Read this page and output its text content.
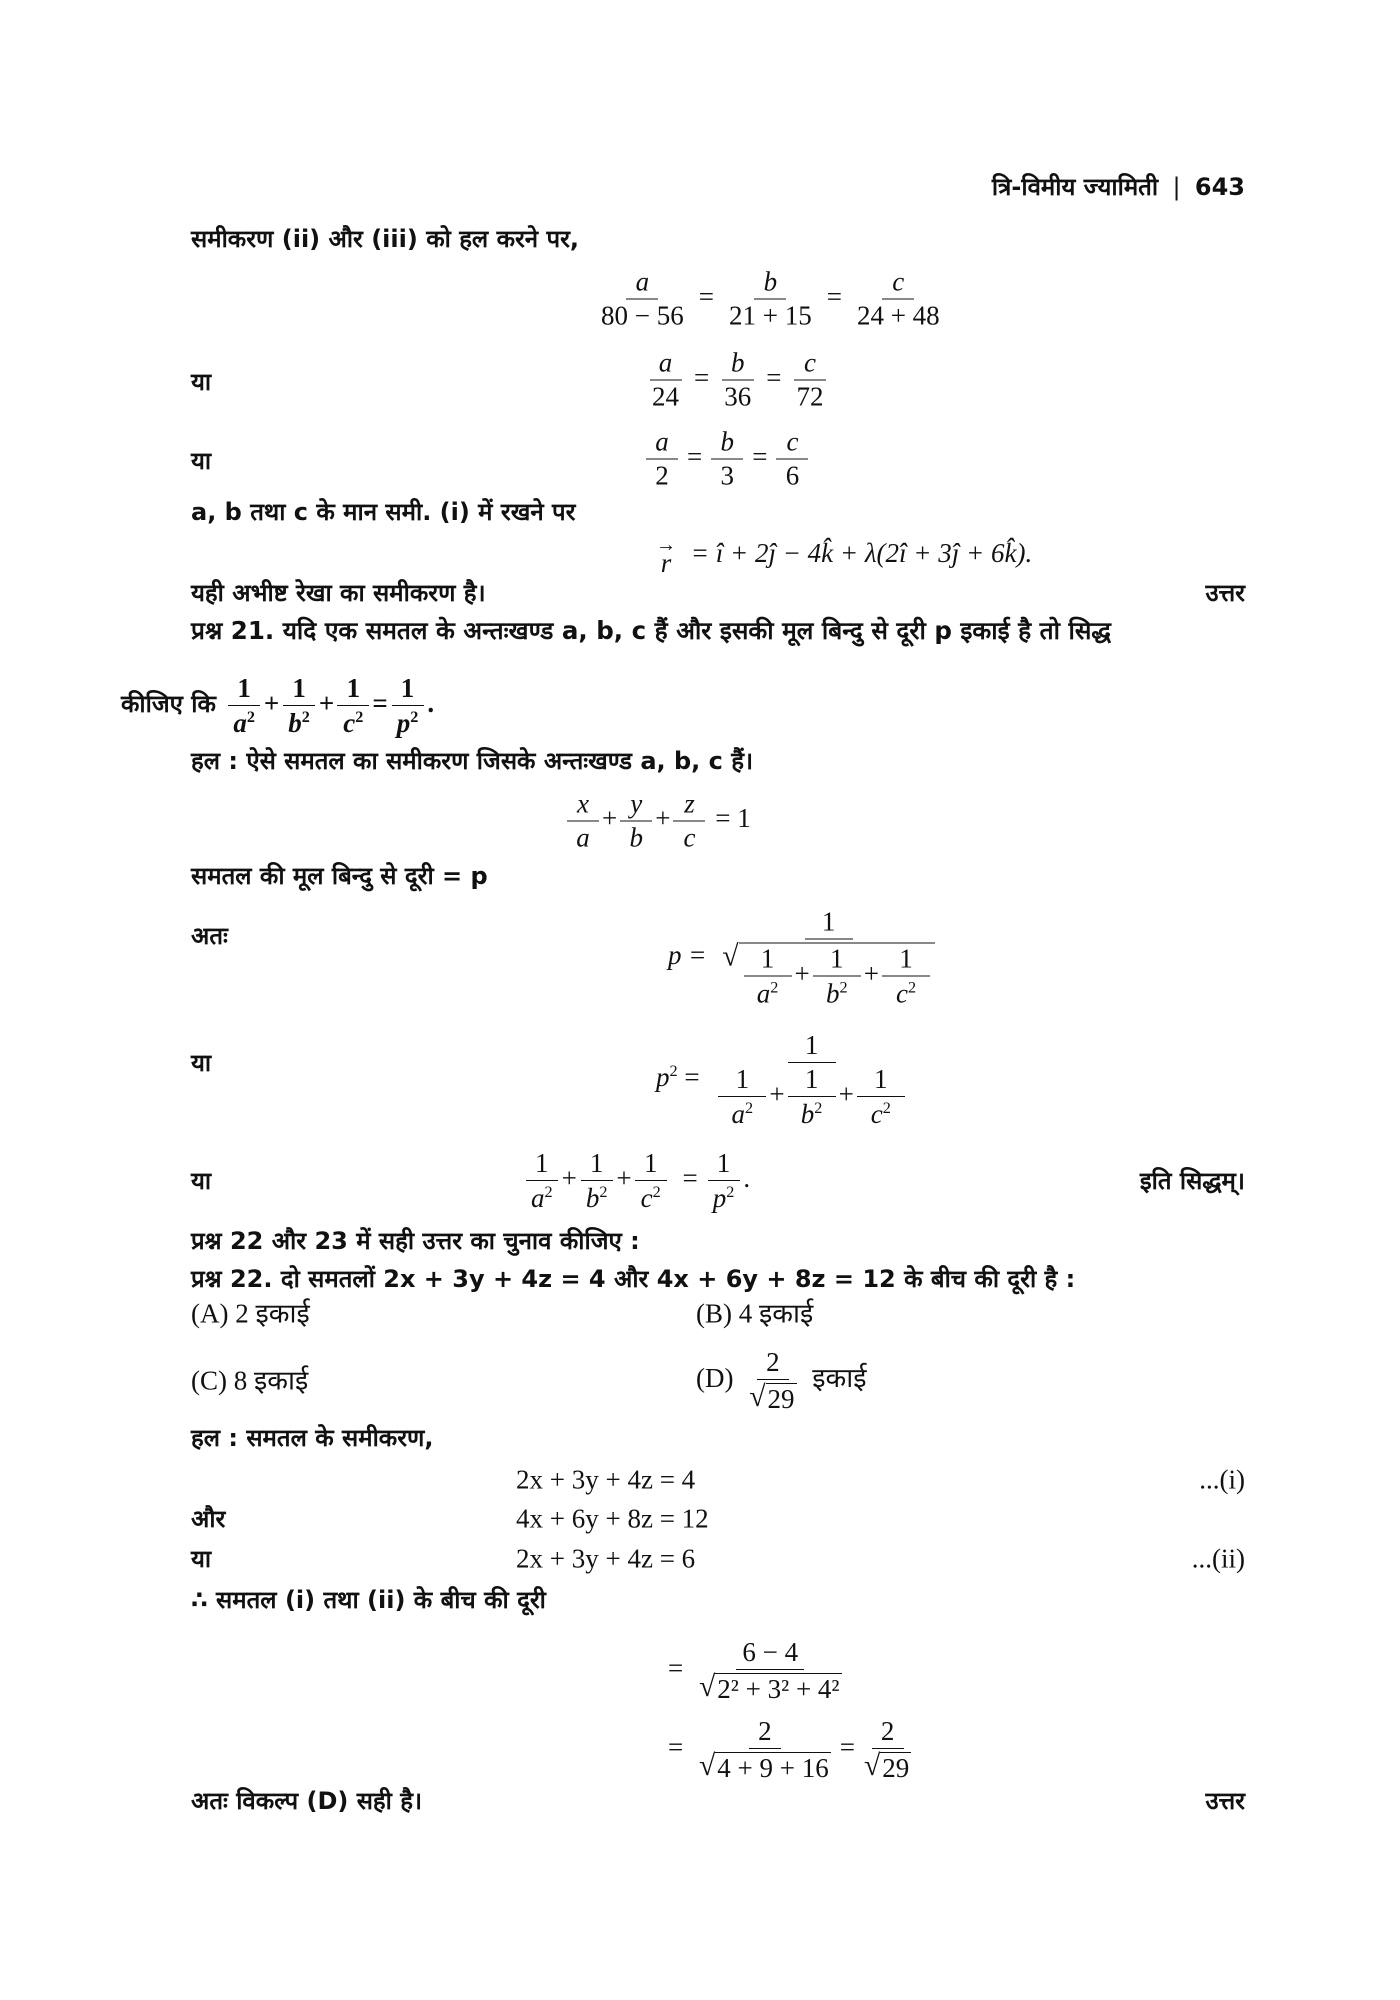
त्रि-विमीय ज्यामिती | 643
समीकरण (ii) और (iii) को हल करने पर,
$\frac{a}{80 - 56} = \frac{b}{21 + 15} = \frac{c}{24 + 48}$
या	$\frac{a}{24} = \frac{b}{36} = \frac{c}{72}$
या	$\frac{a}{2} = \frac{b}{3} = \frac{c}{6}$
a, b तथा c के मान समी. (i) में रखने पर
→
r = î + 2ĵ − 4k̂ + λ(2î + 3ĵ + 6k̂).
यही अभीष्ट रेखा का समीकरण है।	उत्तर
प्रश्न 21. यदि एक समतल के अन्तःखण्ड a, b, c हैं और इसकी मूल बिन्दु से दूरी p इकाई है तो सिद्ध
कीजिए कि $\frac{1}{a^2} + \frac{1}{b^2} + \frac{1}{c^2} = \frac{1}{p^2}$ .
हल : ऐसे समतल का समीकरण जिसके अन्तःखण्ड a, b, c हैं।
$\frac{x}{a} + \frac{y}{b} + \frac{z}{c} = 1$
समतल की मूल बिन्दु से दूरी = p
अतः
$p = \frac{1}{√ \frac{1}{a^2} + \frac{1}{b^2} + \frac{1}{c^2}}$
या	$p^2 = \frac{1}{\frac{1}{a^2} + \frac{1}{b^2} + \frac{1}{c^2}}$
या	$\frac{1}{a^2} + \frac{1}{b^2} + \frac{1}{c^2} = \frac{1}{p^2}$ .	इति सिद्धम्।
प्रश्न 22 और 23 में सही उत्तर का चुनाव कीजिए :
प्रश्न 22. दो समतलों 2x + 3y + 4z = 4 और 4x + 6y + 8z = 12 के बीच की दूरी है :
(A) 2 इकाई	(B) 4 इकाई
(C) 8 इकाई	$(D) \frac{2}{√ 29}$ इकाई
हल : समतल के समीकरण,
2x + 3y + 4z = 4	...(i)
और	4x + 6y + 8z = 12
या	2x + 3y + 4z = 6	...(ii)
∴ समतल (i) तथा (ii) के बीच की दूरी
= $\frac{6 - 4}{\text{√ 2² + 3² + 4²}}$
= $\frac{2}{√ 4 + 9 + 16} = \frac{2}{√ 29}$
अतः विकल्प (D) सही है।	उत्तर
